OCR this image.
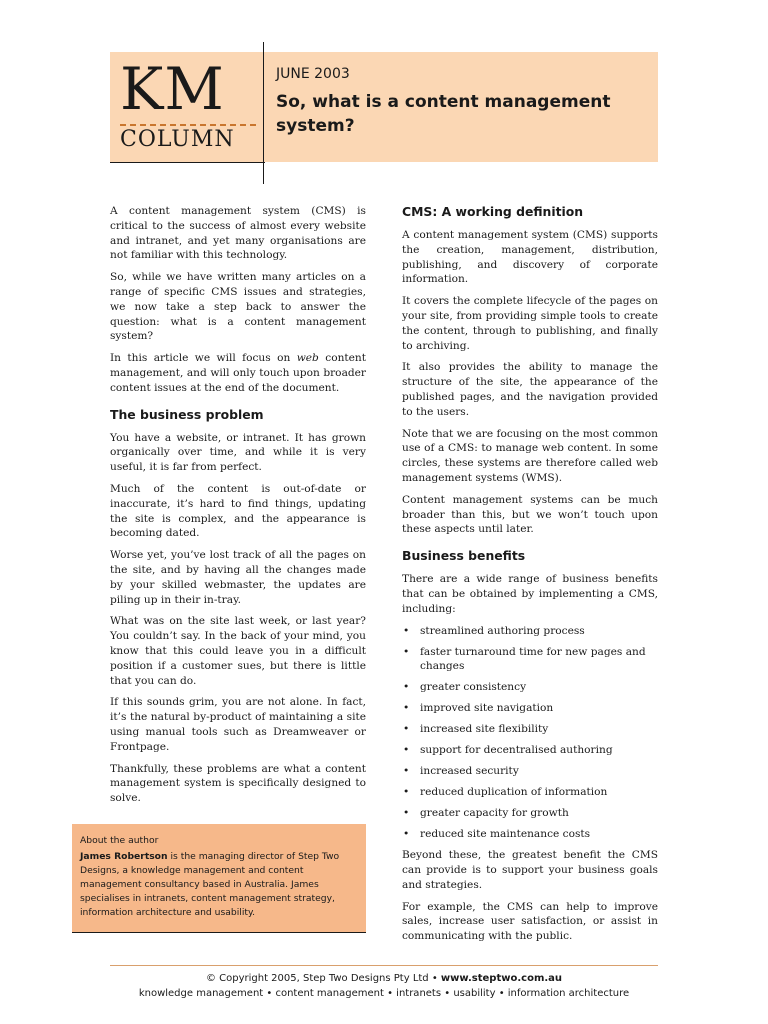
KM
COLUMN
JUNE 2003
So, what is a content management system?

A content management system (CMS) is critical to the success of almost every website and intranet, and yet many organisations are not familiar with this technology.

So, while we have written many articles on a range of specific CMS issues and strategies, we now take a step back to answer the question: what is a content management system?

In this article we will focus on web content management, and will only touch upon broader content issues at the end of the document.

The business problem

You have a website, or intranet. It has grown organically over time, and while it is very useful, it is far from perfect.

Much of the content is out-of-date or inaccurate, it’s hard to find things, updating the site is complex, and the appearance is becoming dated.

Worse yet, you’ve lost track of all the pages on the site, and by having all the changes made by your skilled webmaster, the updates are piling up in their in-tray.

What was on the site last week, or last year? You couldn’t say. In the back of your mind, you know that this could leave you in a difficult position if a customer sues, but there is little that you can do.

If this sounds grim, you are not alone. In fact, it’s the natural by-product of maintaining a site using manual tools such as Dreamweaver or Frontpage.

Thankfully, these problems are what a content management system is specifically designed to solve.

About the author
James Robertson is the managing director of Step Two Designs, a knowledge management and content management consultancy based in Australia. James specialises in intranets, content management strategy, information architecture and usability.
CMS: A working definition

A content management system (CMS) supports the creation, management, distribution, publishing, and discovery of corporate information.

It covers the complete lifecycle of the pages on your site, from providing simple tools to create the content, through to publishing, and finally to archiving.

It also provides the ability to manage the structure of the site, the appearance of the published pages, and the navigation provided to the users.

Note that we are focusing on the most common use of a CMS: to manage web content. In some circles, these systems are therefore called web management systems (WMS).

Content management systems can be much broader than this, but we won’t touch upon these aspects until later.

Business benefits

There are a wide range of business benefits that can be obtained by implementing a CMS, including:

• streamlined authoring process
• faster turnaround time for new pages and changes
• greater consistency
• improved site navigation
• increased site flexibility
• support for decentralised authoring
• increased security
• reduced duplication of information
• greater capacity for growth
• reduced site maintenance costs

Beyond these, the greatest benefit the CMS can provide is to support your business goals and strategies.

For example, the CMS can help to improve sales, increase user satisfaction, or assist in communicating with the public.

© Copyright 2005, Step Two Designs Pty Ltd • www.steptwo.com.au
knowledge management • content management • intranets • usability • information architecture
